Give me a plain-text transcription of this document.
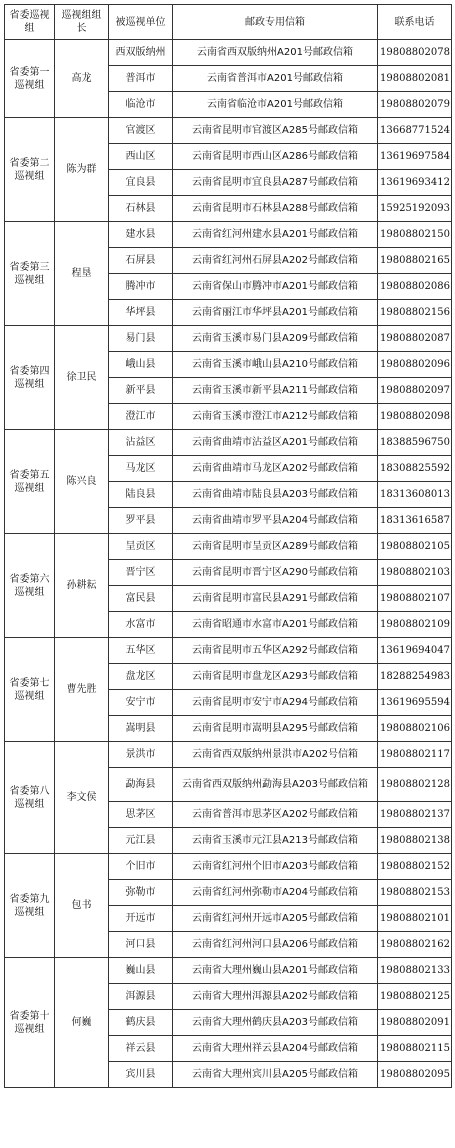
省委巡视组	巡视组组长	被巡视单位	邮政专用信箱	联系电话
省委第一巡视组	高龙	西双版纳州	云南省西双版纳州A201号邮政信箱	19808802078
		普洱市	云南省普洱市A201号邮政信箱	19808802081
		临沧市	云南省临沧市A201号邮政信箱	19808802079
省委第二巡视组	陈为群	官渡区	云南省昆明市官渡区A285号邮政信箱	13668771524
		西山区	云南省昆明市西山区A286号邮政信箱	13619697584
		宜良县	云南省昆明市宜良县A287号邮政信箱	13619693412
		石林县	云南省昆明市石林县A288号邮政信箱	15925192093
省委第三巡视组	程垦	建水县	云南省红河州建水县A201号邮政信箱	19808802150
		石屏县	云南省红河州石屏县A202号邮政信箱	19808802165
		腾冲市	云南省保山市腾冲市A201号邮政信箱	19808802086
		华坪县	云南省丽江市华坪县A201号邮政信箱	19808802156
省委第四巡视组	徐卫民	易门县	云南省玉溪市易门县A209号邮政信箱	19808802087
		峨山县	云南省玉溪市峨山县A210号邮政信箱	19808802096
		新平县	云南省玉溪市新平县A211号邮政信箱	19808802097
		澄江市	云南省玉溪市澄江市A212号邮政信箱	19808802098
省委第五巡视组	陈兴良	沾益区	云南省曲靖市沾益区A201号邮政信箱	18388596750
		马龙区	云南省曲靖市马龙区A202号邮政信箱	18308825592
		陆良县	云南省曲靖市陆良县A203号邮政信箱	18313608013
		罗平县	云南省曲靖市罗平县A204号邮政信箱	18313616587
省委第六巡视组	孙耕耘	呈贡区	云南省昆明市呈贡区A289号邮政信箱	19808802105
		晋宁区	云南省昆明市晋宁区A290号邮政信箱	19808802103
		富民县	云南省昆明市富民县A291号邮政信箱	19808802107
		水富市	云南省昭通市水富市A201号邮政信箱	19808802109
省委第七巡视组	曹先胜	五华区	云南省昆明市五华区A292号邮政信箱	13619694047
		盘龙区	云南省昆明市盘龙区A293号邮政信箱	18288254983
		安宁市	云南省昆明市安宁市A294号邮政信箱	13619695594
		嵩明县	云南省昆明市嵩明县A295号邮政信箱	19808802106
省委第八巡视组	李文侯	景洪市	云南省西双版纳州景洪市A202号信箱	19808802117
		勐海县	云南省西双版纳州勐海县A203号邮政信箱	19808802128
		思茅区	云南省普洱市思茅区A202号邮政信箱	19808802137
		元江县	云南省玉溪市元江县A213号邮政信箱	19808802138
省委第九巡视组	包书	个旧市	云南省红河州个旧市A203号邮政信箱	19808802152
		弥勒市	云南省红河州弥勒市A204号邮政信箱	19808802153
		开远市	云南省红河州开远市A205号邮政信箱	19808802101
		河口县	云南省红河州河口县A206号邮政信箱	19808802162
省委第十巡视组	何巍	巍山县	云南省大理州巍山县A201号邮政信箱	19808802133
		洱源县	云南省大理州洱源县A202号邮政信箱	19808802125
		鹤庆县	云南省大理州鹤庆县A203号邮政信箱	19808802091
		祥云县	云南省大理州祥云县A204号邮政信箱	19808802115
		宾川县	云南省大理州宾川县A205号邮政信箱	19808802095
